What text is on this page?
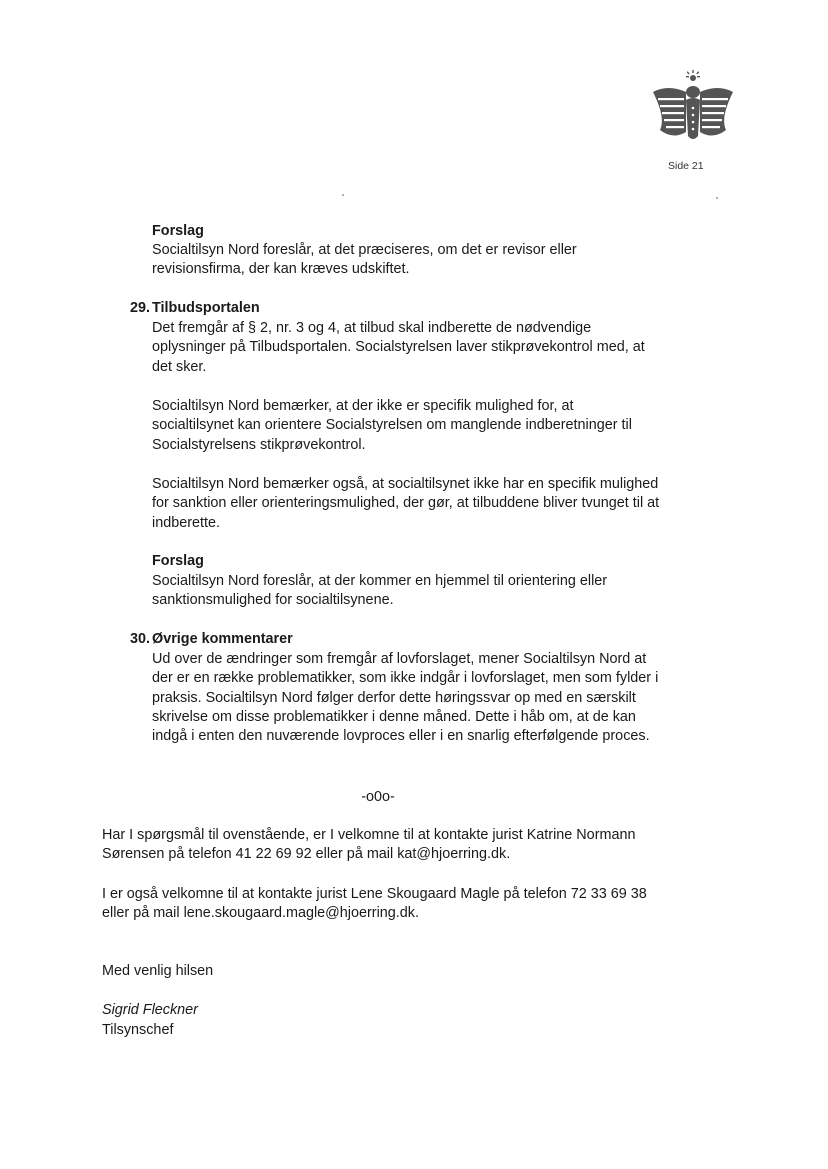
Side 21

Forslag

Socialtilsyn Nord foreslår, at det præciseres, om det er revisor eller revisionsfirma, der kan kræves udskiftet.

29. Tilbudsportalen

Det fremgår af § 2, nr. 3 og 4, at tilbud skal indberette de nødvendige oplysninger på Tilbudsportalen. Socialstyrelsen laver stikprøvekontrol med, at det sker.

Socialtilsyn Nord bemærker, at der ikke er specifik mulighed for, at socialtilsynet kan orientere Socialstyrelsen om manglende indberetninger til Socialstyrelsens stikprøvekontrol.

Socialtilsyn Nord bemærker også, at socialtilsynet ikke har en specifik mulighed for sanktion eller orienteringsmulighed, der gør, at tilbuddene bliver tvunget til at indberette.

Forslag

Socialtilsyn Nord foreslår, at der kommer en hjemmel til orientering eller sanktionsmulighed for socialtilsynene.

30. Øvrige kommentarer

Ud over de ændringer som fremgår af lovforslaget, mener Socialtilsyn Nord at der er en række problematikker, som ikke indgår i lovforslaget, men som fylder i praksis. Socialtilsyn Nord følger derfor dette høringssvar op med en særskilt skrivelse om disse problematikker i denne måned. Dette i håb om, at de kan indgå i enten den nuværende lovproces eller i en snarlig efterfølgende proces.

-o0o-

Har I spørgsmål til ovenstående, er I velkomne til at kontakte jurist Katrine Normann Sørensen på telefon 41 22 69 92 eller på mail kat@hjoerring.dk.

I er også velkomne til at kontakte jurist Lene Skougaard Magle på telefon 72 33 69 38 eller på mail lene.skougaard.magle@hjoerring.dk.

Med venlig hilsen

Sigrid Fleckner

Tilsynschef
